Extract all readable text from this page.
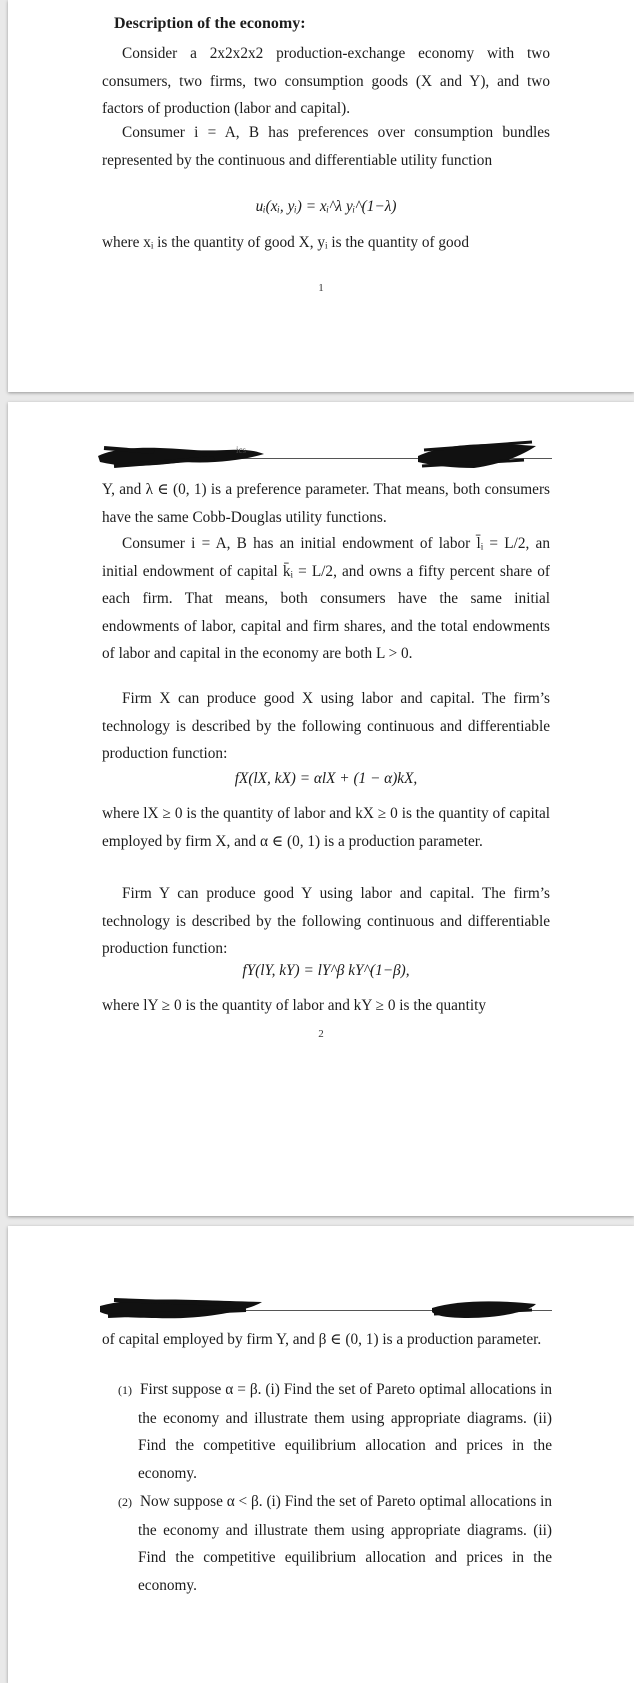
Description of the economy:
Consider a 2x2x2x2 production-exchange economy with two consumers, two firms, two consumption goods (X and Y), and two factors of production (labor and capital).
Consumer i = A, B has preferences over consumption bundles represented by the continuous and differentiable utility function
uᵢ(xᵢ, yᵢ) = xᵢ^λ yᵢ^(1−λ)
where xᵢ is the quantity of good X, yᵢ is the quantity of good
1
ics
Y, and λ ∈ (0, 1) is a preference parameter. That means, both consumers have the same Cobb-Douglas utility functions.
Consumer i = A, B has an initial endowment of labor l̄ᵢ = L/2, an initial endowment of capital k̄ᵢ = L/2, and owns a fifty percent share of each firm. That means, both consumers have the same initial endowments of labor, capital and firm shares, and the total endowments of labor and capital in the economy are both L > 0.
Firm X can produce good X using labor and capital. The firm’s technology is described by the following continuous and differentiable production function:
fX(lX, kX) = αlX + (1 − α)kX,
where lX ≥ 0 is the quantity of labor and kX ≥ 0 is the quantity of capital employed by firm X, and α ∈ (0, 1) is a production parameter.
Firm Y can produce good Y using labor and capital. The firm’s technology is described by the following continuous and differentiable production function:
fY(lY, kY) = lY^β kY^(1−β),
where lY ≥ 0 is the quantity of labor and kY ≥ 0 is the quantity
2
of capital employed by firm Y, and β ∈ (0, 1) is a production parameter.
(1) First suppose α = β. (i) Find the set of Pareto optimal allocations in the economy and illustrate them using appropriate diagrams. (ii) Find the competitive equilibrium allocation and prices in the economy.
(2) Now suppose α < β. (i) Find the set of Pareto optimal allocations in the economy and illustrate them using appropriate diagrams. (ii) Find the competitive equilibrium allocation and prices in the economy.
